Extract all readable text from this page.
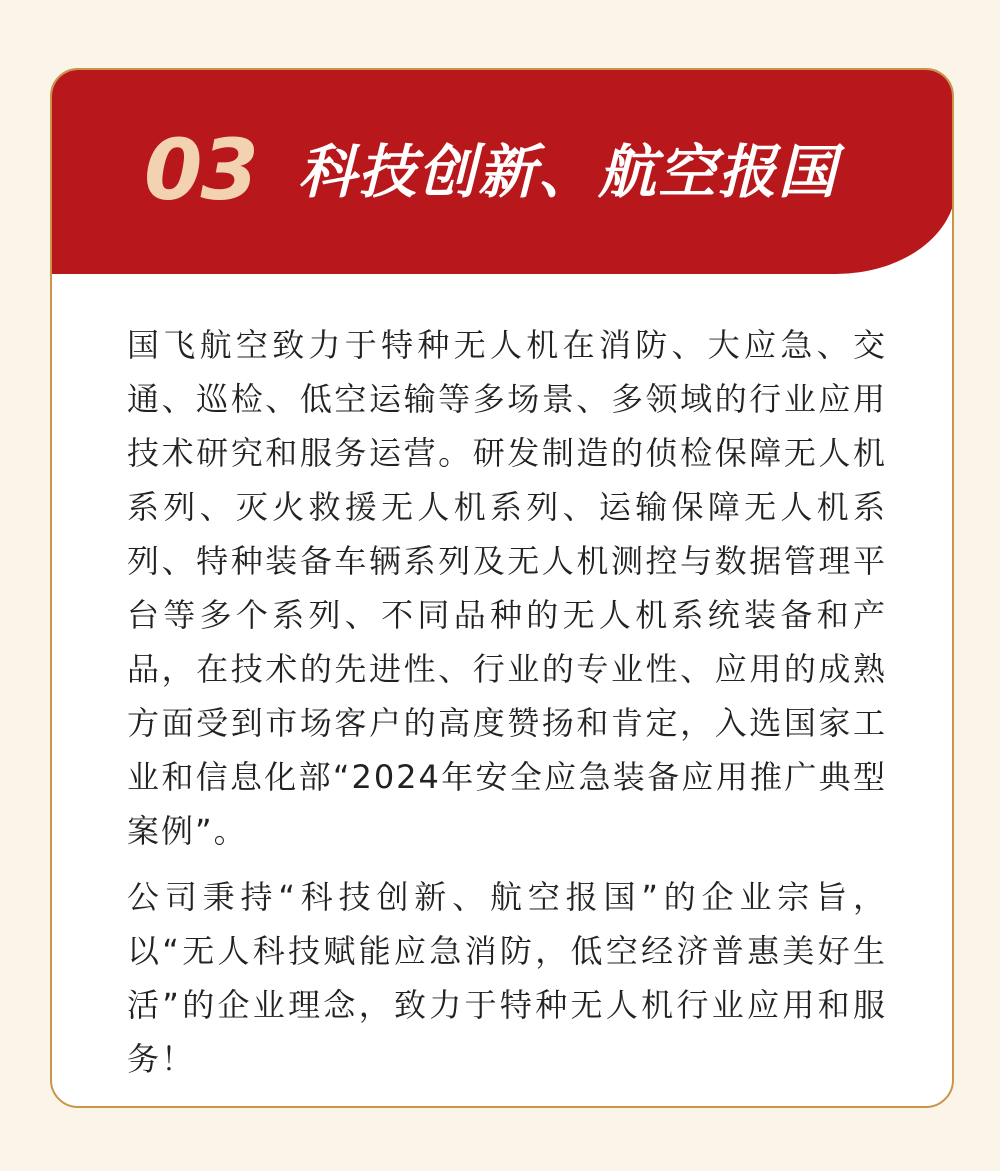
03 科技创新、航空报国

国飞航空致力于特种无人机在消防、大应急、交通、巡检、低空运输等多场景、多领域的行业应用技术研究和服务运营。研发制造的侦检保障无人机系列、灭火救援无人机系列、运输保障无人机系列、特种装备车辆系列及无人机测控与数据管理平台等多个系列、不同品种的无人机系统装备和产品，在技术的先进性、行业的专业性、应用的成熟方面受到市场客户的高度赞扬和肯定，入选国家工业和信息化部“2024年安全应急装备应用推广典型案例”。

公司秉持“科技创新、航空报国”的企业宗旨，以“无人科技赋能应急消防，低空经济普惠美好生活”的企业理念，致力于特种无人机行业应用和服务！
